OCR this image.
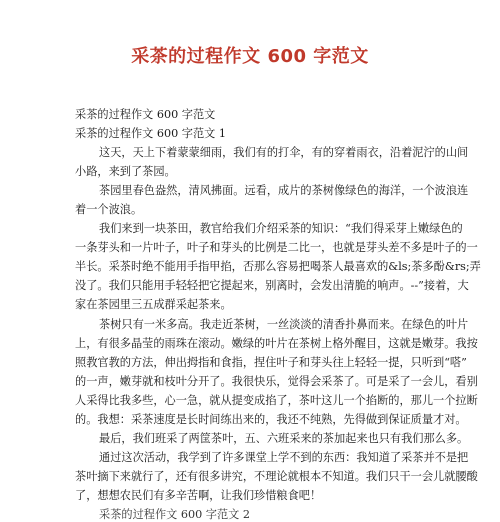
采茶的过程作文 600 字范文
采茶的过程作文 600 字范文
采茶的过程作文 600 字范文 1
这天，天上下着蒙蒙细雨，我们有的打伞，有的穿着雨衣，沿着泥泞的山间
小路，来到了茶园。
茶园里春色盎然，清风拂面。远看，成片的茶树像绿色的海洋，一个波浪连
着一个波浪。
我们来到一块茶田，教官给我们介绍采茶的知识：“我们得采芽上嫩绿色的
一条芽头和一片叶子，叶子和芽头的比例是二比一，也就是芽头差不多是叶子的一
半长。采茶时绝不能用手指甲掐，否那么容易把喝茶人最喜欢的&ls;茶多酚&rs;弄
没了。我们只能用手轻轻把它提起来，别离时，会发出清脆的响声。--”接着，大
家在茶园里三五成群采起茶来。
茶树只有一米多高。我走近茶树，一丝淡淡的清香扑鼻而来。在绿色的叶片
上，有很多晶莹的雨珠在滚动。嫩绿的叶片在茶树上格外醒目，这就是嫩芽。我按
照教官教的方法，伸出拇指和食指，捏住叶子和芽头往上轻轻一提，只听到“嗒”
的一声，嫩芽就和枝叶分开了。我很快乐，觉得会采茶了。可是采了一会儿，看别
人采得比我多些，心一急，就从提变成掐了，茶叶这儿一个掐断的，那儿一个拉断
的。我想：采茶速度是长时间练出来的，我还不纯熟，先得做到保证质量才对。
最后，我们班采了两筐茶叶，五、六班采来的茶加起来也只有我们那么多。
通过这次活动，我学到了许多课堂上学不到的东西：我知道了采茶并不是把
茶叶摘下来就行了，还有很多讲究，不理论就根本不知道。我们只干一会儿就腰酸
了，想想农民们有多辛苦啊，让我们珍惜粮食吧！
采茶的过程作文 600 字范文 2
